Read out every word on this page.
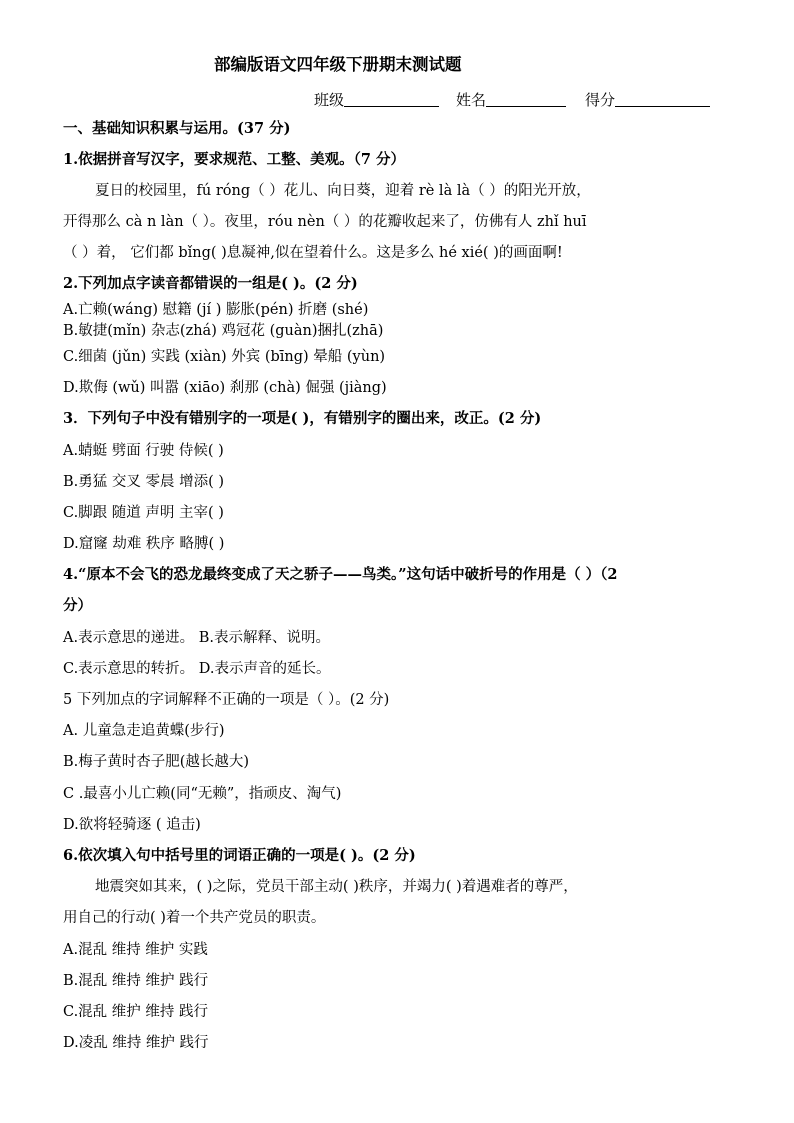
部编版语文四年级下册期末测试题
班级	姓名	得分
一、基础知识积累与运用。(37 分)
1.依据拼音写汉字，要求规范、工整、美观。（7 分）
夏日的校园里，fú róng（ ）花儿、向日葵，迎着 rè là là（ ）的阳光开放，
开得那么 cà n làn（ ）。夜里，róu nèn（ ）的花瓣收起来了，仿佛有人 zhǐ huī
（ ）着， 它们都 bǐng( )息凝神,似在望着什么。这是多么 hé xié( )的画面啊!
2.下列加点字读音都错误的一组是( )。(2 分)
A.亡赖(wáng) 慰籍 (jí ) 膨胀(pén) 折磨 (shé)
B.敏捷(mǐn) 杂志(zhá) 鸡冠花 (guàn)捆扎(zhā)
C.细菌 (jǔn) 实践 (xiàn) 外宾 (bīng) 晕船 (yùn)
D.欺侮 (wǔ) 叫嚣 (xiāo) 刹那 (chà) 倔强 (jiàng)
3．下列句子中没有错别字的一项是( )，有错别字的圈出来，改正。(2 分)
A.蜻蜓 劈面 行驶 侍候( )
B.勇猛 交叉 零晨 增添( )
C.脚跟 随道 声明 主宰( )
D.窟窿 劫难 秩序 略膊( )
4.“原本不会飞的恐龙最终变成了天之骄子——鸟类。”这句话中破折号的作用是（ ）（2
分）
A.表示意思的递进。 B.表示解释、说明。
C.表示意思的转折。 D.表示声音的延长。
5 下列加点的字词解释不正确的一项是（ ）。(2 分)
A. 儿童急走追黄蝶(步行)
B.梅子黄时杏子肥(越长越大)
C .最喜小儿亡赖(同“无赖”，指顽皮、淘气)
D.欲将轻骑逐 ( 追击)
6.依次填入句中括号里的词语正确的一项是( )。(2 分)
地震突如其来，( )之际，党员干部主动( )秩序，并竭力( )着遇难者的尊严，
用自己的行动( )着一个共产党员的职责。
A.混乱 维持 维护 实践
B.混乱 维持 维护 践行
C.混乱 维护 维持 践行
D.凌乱 维持 维护 践行
